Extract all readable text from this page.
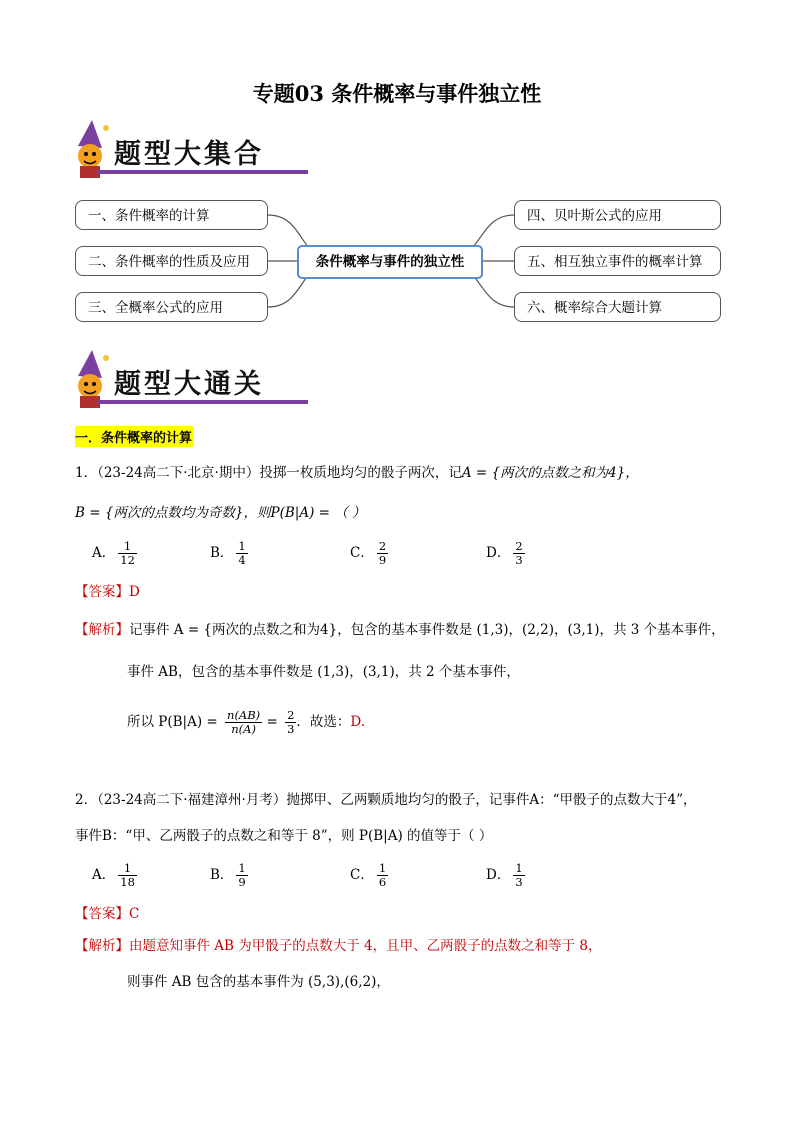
专题03 条件概率与事件独立性
题型大集合
一、条件概率的计算
二、条件概率的性质及应用
三、全概率公式的应用
条件概率与事件的独立性
四、贝叶斯公式的应用
五、相互独立事件的概率计算
六、概率综合大题计算
题型大通关
一．条件概率的计算
1．（23-24高二下·北京·期中）投掷一枚质地均匀的骰子两次，记A = {两次的点数之和为4}，
B = {两次的点数均为奇数}，则P(B|A) = （ ）
A． $\frac{1}{12}$	B． $\frac{1}{4}$	C． $\frac{2}{9}$	D． $\frac{2}{3}$
【答案】D
【解析】记事件 A = {两次的点数之和为4}，包含的基本事件数是 (1,3)，(2,2)，(3,1)，共 3 个基本事件，
事件 AB，包含的基本事件数是 (1,3)，(3,1)，共 2 个基本事件，
所以 $P(B|A) = \frac{n(AB)}{n(A)} = \frac{2}{3}$ ．故选：D.
2．（23-24高二下·福建漳州·月考）抛掷甲、乙两颗质地均匀的骰子，记事件A：“甲骰子的点数大于4”，
事件B：“甲、乙两骰子的点数之和等于 8”，则 P(B|A) 的值等于（ ）
A． $\frac{1}{18}$	B． $\frac{1}{9}$	C． $\frac{1}{6}$	D． $\frac{1}{3}$
【答案】C
【解析】由题意知事件 AB 为甲骰子的点数大于 4，且甲、乙两骰子的点数之和等于 8，
则事件 AB 包含的基本事件为 (5,3),(6,2)，
